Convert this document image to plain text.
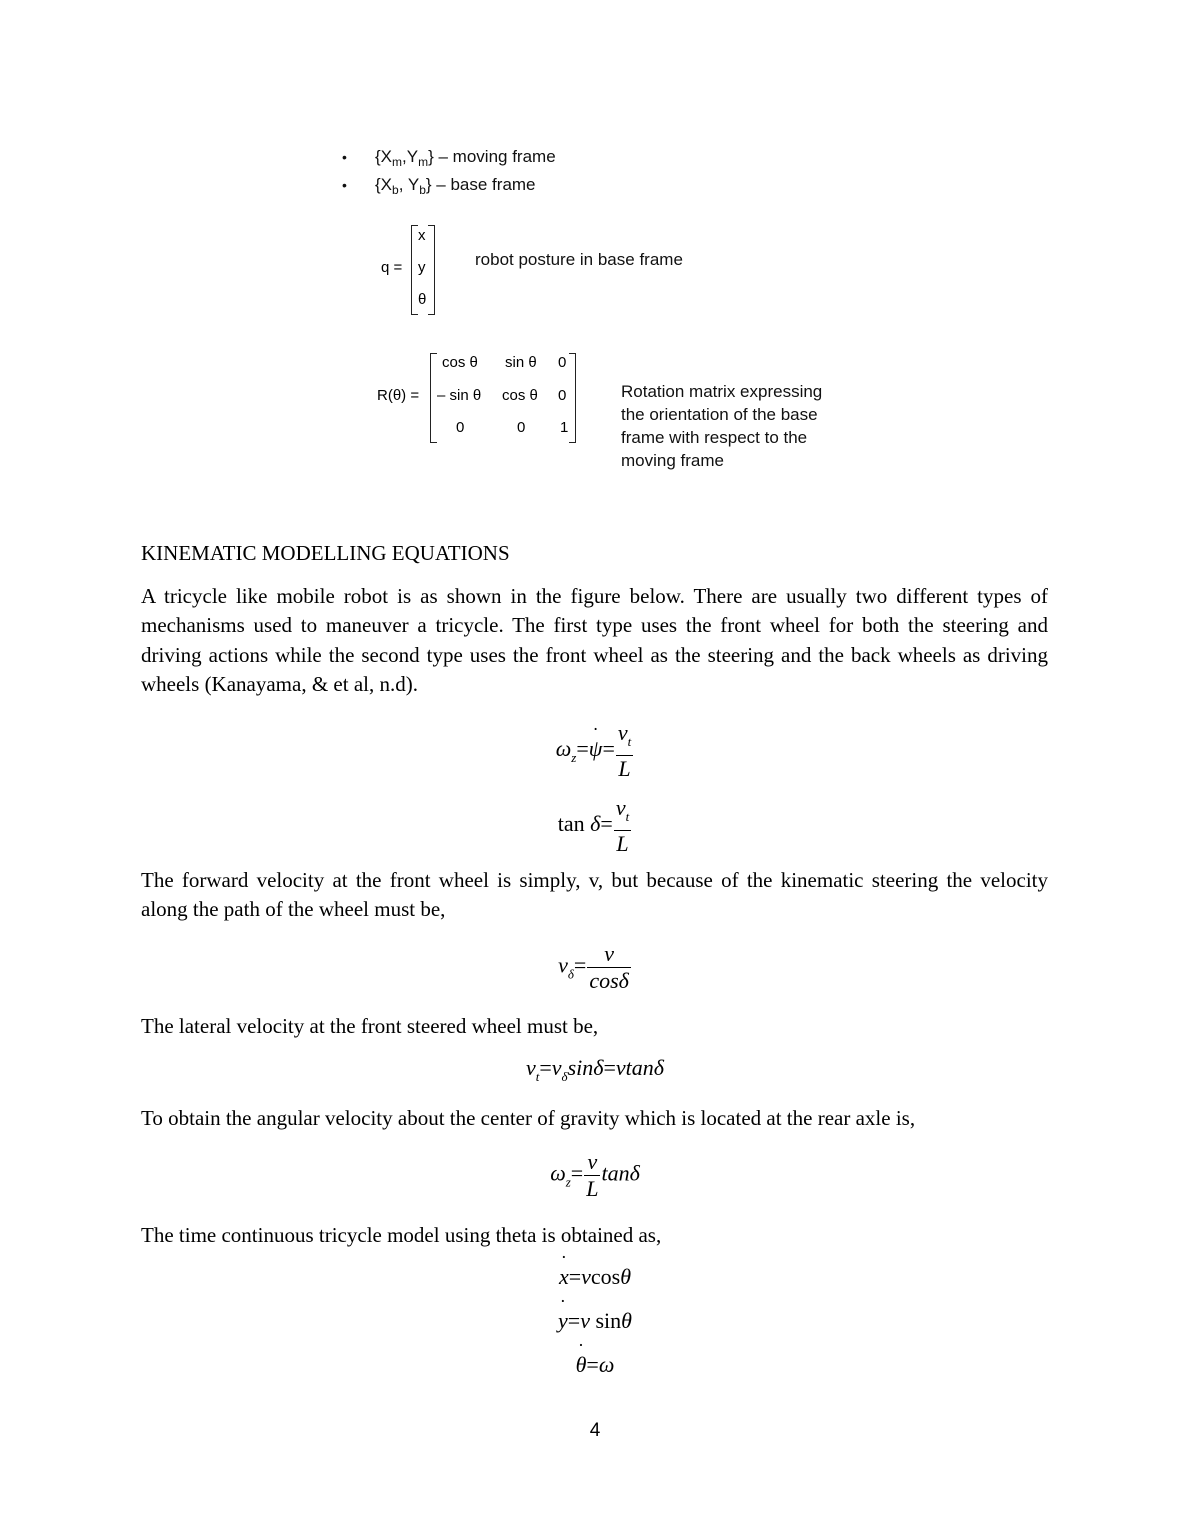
• $\{X_m,Y_m\}$ – moving frame
• {$X_b$, $Y_b$} – base frame
q =
x
y
θ
robot posture in base frame
R(θ) =
cos θ sin θ 0
– sin θ cos θ 0
0	0 1
Rotation matrix expressing
the orientation of the base
frame with respect to the
moving frame
KINEMATIC MODELLING EQUATIONS

A tricycle like mobile robot is as shown in the figure below. There are usually two different types of mechanisms used to maneuver a tricycle. The first type uses the front wheel for both the steering and driving actions while the second type uses the front wheel as the steering and the back wheels as driving wheels (Kanayama, & et al, n.d).

$\omega_z=\psi$ ˙= $\frac{v_t}{L}$
$\tan \delta= \frac{v_t}{L}$

The forward velocity at the front wheel is simply, v, but because of the kinematic steering the velocity along the path of the wheel must be,

$v_\delta= \frac{v}{\cos\delta}$

The lateral velocity at the front steered wheel must be,

$v_t=v_\delta\sin\delta=vtan\delta$

To obtain the angular velocity about the center of gravity which is located at the rear axle is,

$\omega_z= \frac{v}{L}$ tanδ

The time continuous tricycle model using theta is obtained as,

x ˙=vcosθ
y ˙=v sinθ
θ ˙=ω
4
